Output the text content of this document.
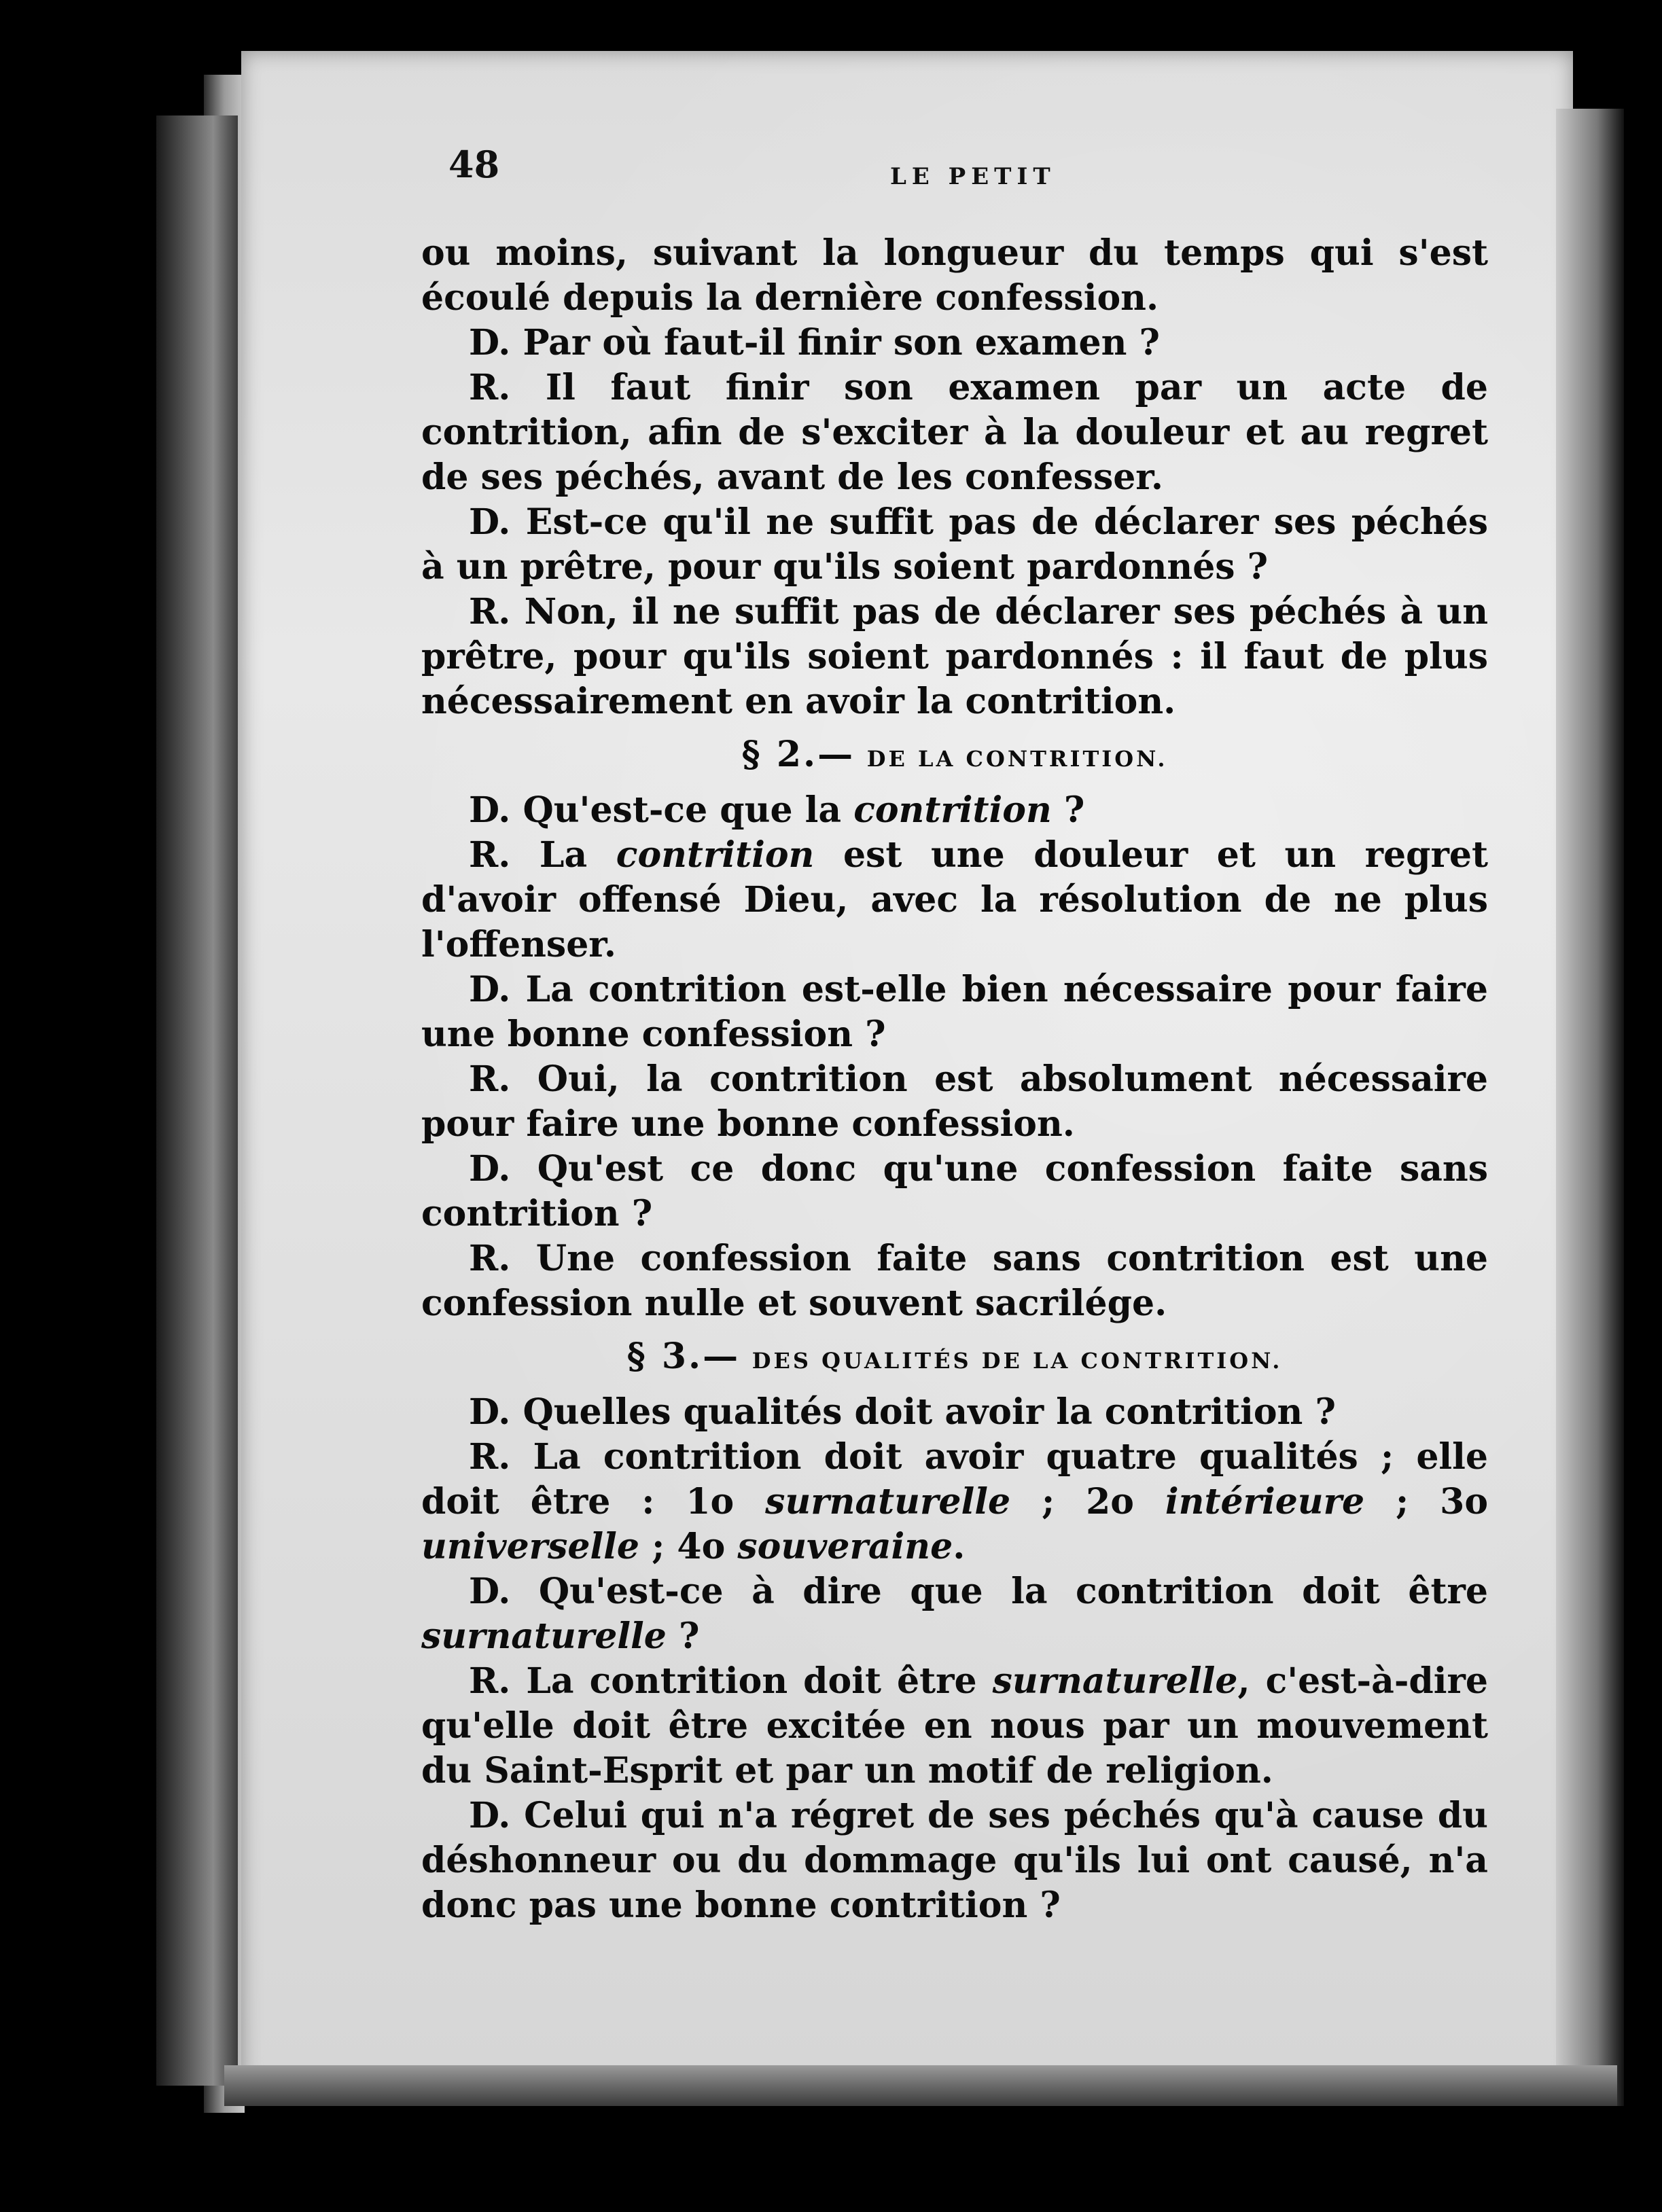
48	LE PETIT

ou moins, suivant la longueur du temps qui s'est écoulé depuis la dernière confession.

D. Par où faut-il finir son examen ?

R. Il faut finir son examen par un acte de contrition, afin de s'exciter à la douleur et au regret de ses péchés, avant de les confesser.

D. Est-ce qu'il ne suffit pas de déclarer ses péchés à un prêtre, pour qu'ils soient pardonnés ?

R. Non, il ne suffit pas de déclarer ses péchés à un prêtre, pour qu'ils soient pardonnés : il faut de plus nécessairement en avoir la contrition.

§ 2.— DE LA CONTRITION.

D. Qu'est-ce que la contrition ?

R. La contrition est une douleur et un regret d'avoir offensé Dieu, avec la résolution de ne plus l'offenser.

D. La contrition est-elle bien nécessaire pour faire une bonne confession ?

R. Oui, la contrition est absolument nécessaire pour faire une bonne confession.

D. Qu'est ce donc qu'une confession faite sans contrition ?

R. Une confession faite sans contrition est une confession nulle et souvent sacrilége.

§ 3.— DES QUALITÉS DE LA CONTRITION.

D. Quelles qualités doit avoir la contrition ?

R. La contrition doit avoir quatre qualités ; elle doit être : 1o surnaturelle ; 2o intérieure ; 3o universelle ; 4o souveraine.

D. Qu'est-ce à dire que la contrition doit être surnaturelle ?

R. La contrition doit être surnaturelle, c'est-à-dire qu'elle doit être excitée en nous par un mouvement du Saint-Esprit et par un motif de religion.

D. Celui qui n'a régret de ses péchés qu'à cause du déshonneur ou du dommage qu'ils lui ont causé, n'a donc pas une bonne contrition ?
